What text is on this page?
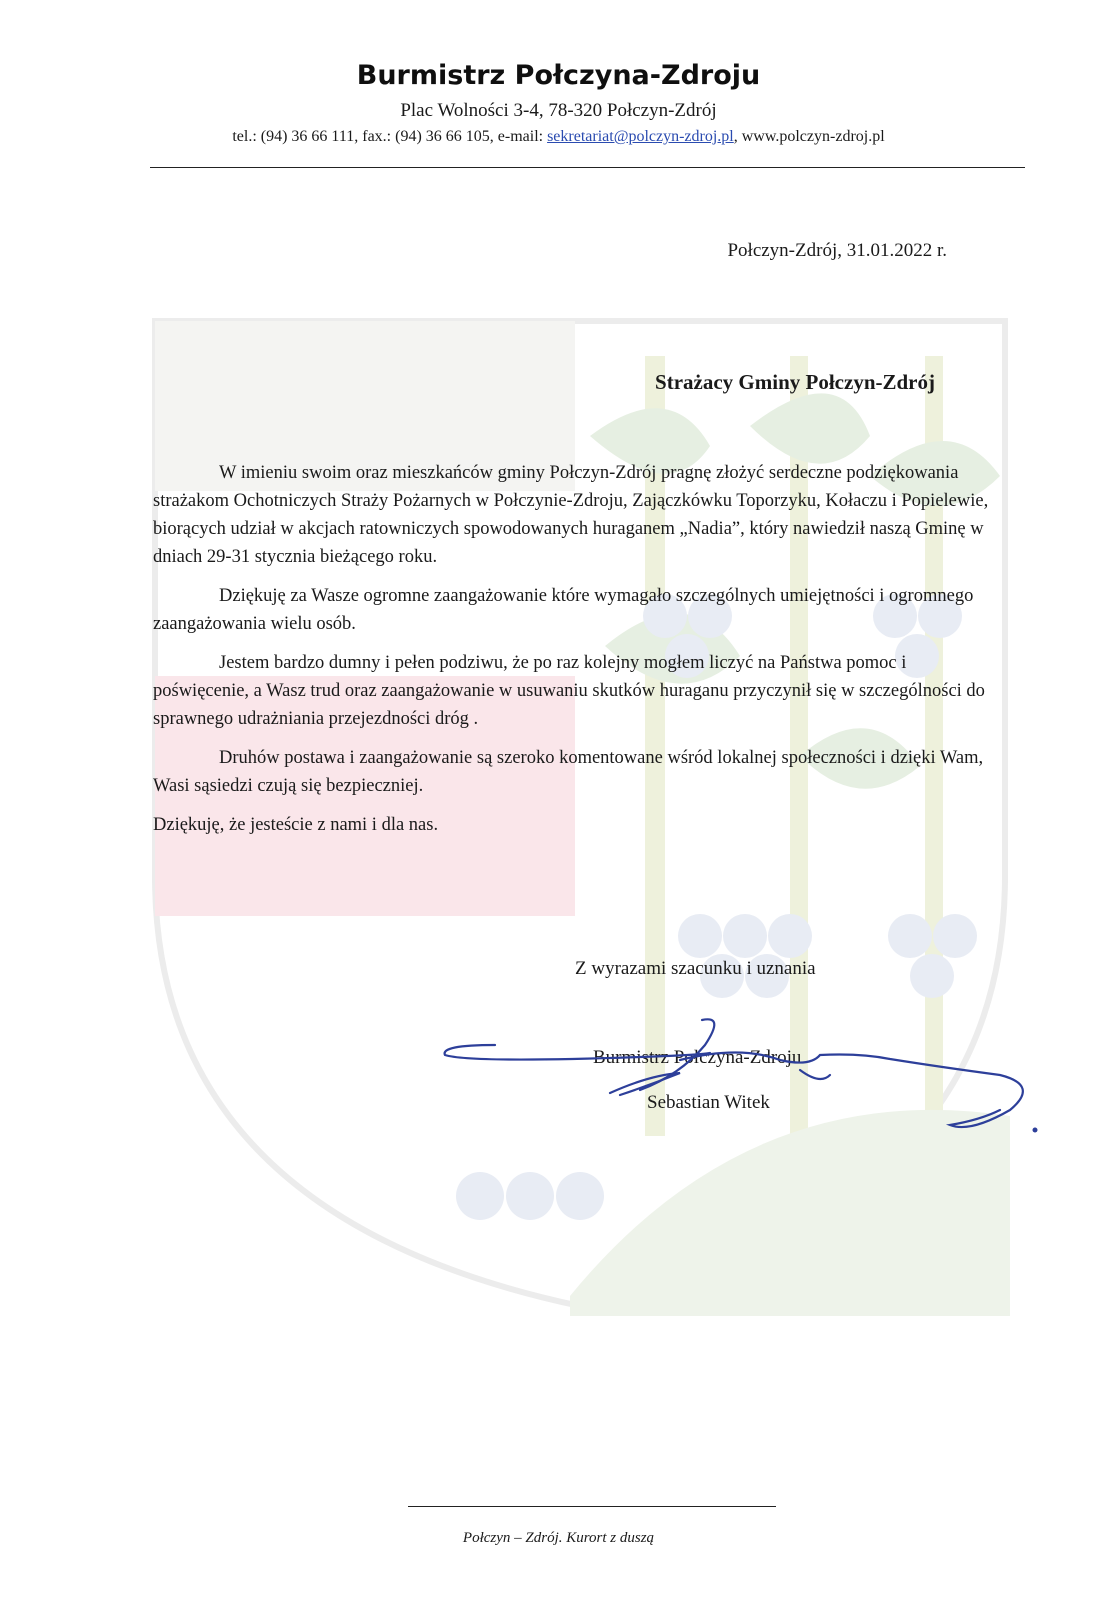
Burmistrz Połczyna-Zdroju
Plac Wolności 3-4, 78-320 Połczyn-Zdrój
tel.: (94) 36 66 111, fax.: (94) 36 66 105, e-mail: sekretariat@polczyn-zdroj.pl, www.polczyn-zdroj.pl
Połczyn-Zdrój, 31.01.2022 r.
Strażacy Gminy Połczyn-Zdrój

W imieniu swoim oraz mieszkańców gminy Połczyn-Zdrój pragnę złożyć serdeczne podziękowania strażakom Ochotniczych Straży Pożarnych w Połczynie-Zdroju, Zajączkówku Toporzyku, Kołaczu i Popielewie, biorących udział w akcjach ratowniczych spowodowanych huraganem „Nadia”, który nawiedził naszą Gminę w dniach 29-31 stycznia bieżącego roku.

Dziękuję za Wasze ogromne zaangażowanie które wymagało szczególnych umiejętności i ogromnego zaangażowania wielu osób.

Jestem bardzo dumny i pełen podziwu, że po raz kolejny mogłem liczyć na Państwa pomoc i poświęcenie, a Wasz trud oraz zaangażowanie w usuwaniu skutków huraganu przyczynił się w szczególności do sprawnego udrażniania przejezdności dróg .

Druhów postawa i zaangażowanie są szeroko komentowane wśród lokalnej społeczności i dzięki Wam, Wasi sąsiedzi czują się bezpieczniej.

Dziękuję, że jesteście z nami i dla nas.

Z wyrazami szacunku i uznania
Burmistrz Połczyna-Zdroju
Sebastian Witek
Połczyn – Zdrój. Kurort z duszą
